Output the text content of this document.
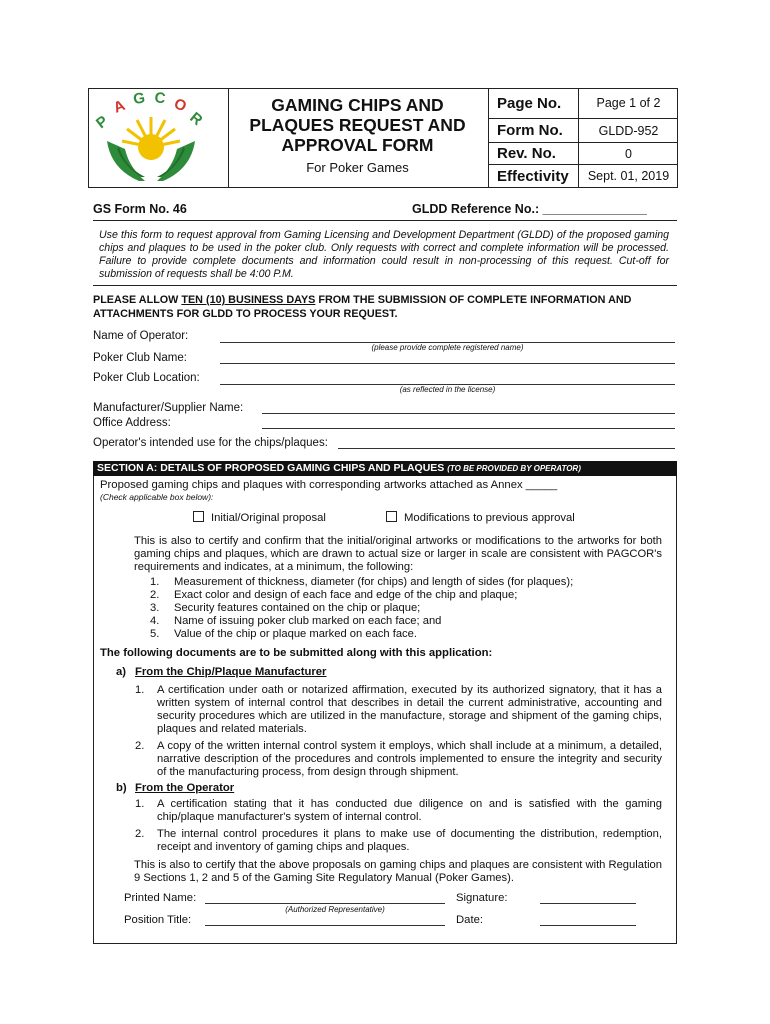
P
A G C O
R
GAMING CHIPS AND
PLAQUES REQUEST AND
APPROVAL FORM
For Poker Games
Page No.	Page 1 of 2
Form No.	GLDD-952
Rev. No.	0
Effectivity	Sept. 01, 2019
GS Form No. 46	GLDD Reference No.: _______________
Use this form to request approval from Gaming Licensing and Development Department (GLDD) of the proposed gaming chips and plaques to be used in the poker club. Only requests with correct and complete information will be processed. Failure to provide complete documents and information could result in non-processing of this request. Cut-off for submission of requests shall be 4:00 P.M.
PLEASE ALLOW TEN (10) BUSINESS DAYS FROM THE SUBMISSION OF COMPLETE INFORMATION AND
ATTACHMENTS FOR GLDD TO PROCESS YOUR REQUEST.
Name of Operator:
(please provide complete registered name)
Poker Club Name:
Poker Club Location:
(as reflected in the license)
Manufacturer/Supplier Name:
Office Address:
Operator's intended use for the chips/plaques:
SECTION A: DETAILS OF PROPOSED GAMING CHIPS AND PLAQUES (TO BE PROVIDED BY OPERATOR)
Proposed gaming chips and plaques with corresponding artworks attached as Annex _____
(Check applicable box below):
Initial/Original proposal	Modifications to previous approval
This is also to certify and confirm that the initial/original artworks or modifications to the artworks for both gaming chips and plaques, which are drawn to actual size or larger in scale are consistent with PAGCOR's requirements and indicates, at a minimum, the following:
1. Measurement of thickness, diameter (for chips) and length of sides (for plaques);
2. Exact color and design of each face and edge of the chip and plaque;
3. Security features contained on the chip or plaque;
4. Name of issuing poker club marked on each face; and
5. Value of the chip or plaque marked on each face.
The following documents are to be submitted along with this application:
a) From the Chip/Plaque Manufacturer
1.	A certification under oath or notarized affirmation, executed by its authorized signatory, that it has a written system of internal control that describes in detail the current administrative, accounting and security procedures which are utilized in the manufacture, storage and shipment of the gaming chips, plaques and related materials.
2.	A copy of the written internal control system it employs, which shall include at a minimum, a detailed, narrative description of the procedures and controls implemented to ensure the integrity and security of the manufacturing process, from design through shipment.
b) From the Operator
1.	A certification stating that it has conducted due diligence on and is satisfied with the gaming chip/plaque manufacturer's system of internal control.
2.	The internal control procedures it plans to make use of documenting the distribution, redemption, receipt and inventory of gaming chips and plaques.
This is also to certify that the above proposals on gaming chips and plaques are consistent with Regulation 9 Sections 1, 2 and 5 of the Gaming Site Regulatory Manual (Poker Games).
Printed Name:
(Authorized Representative)
Signature:
Position Title:	Date:
